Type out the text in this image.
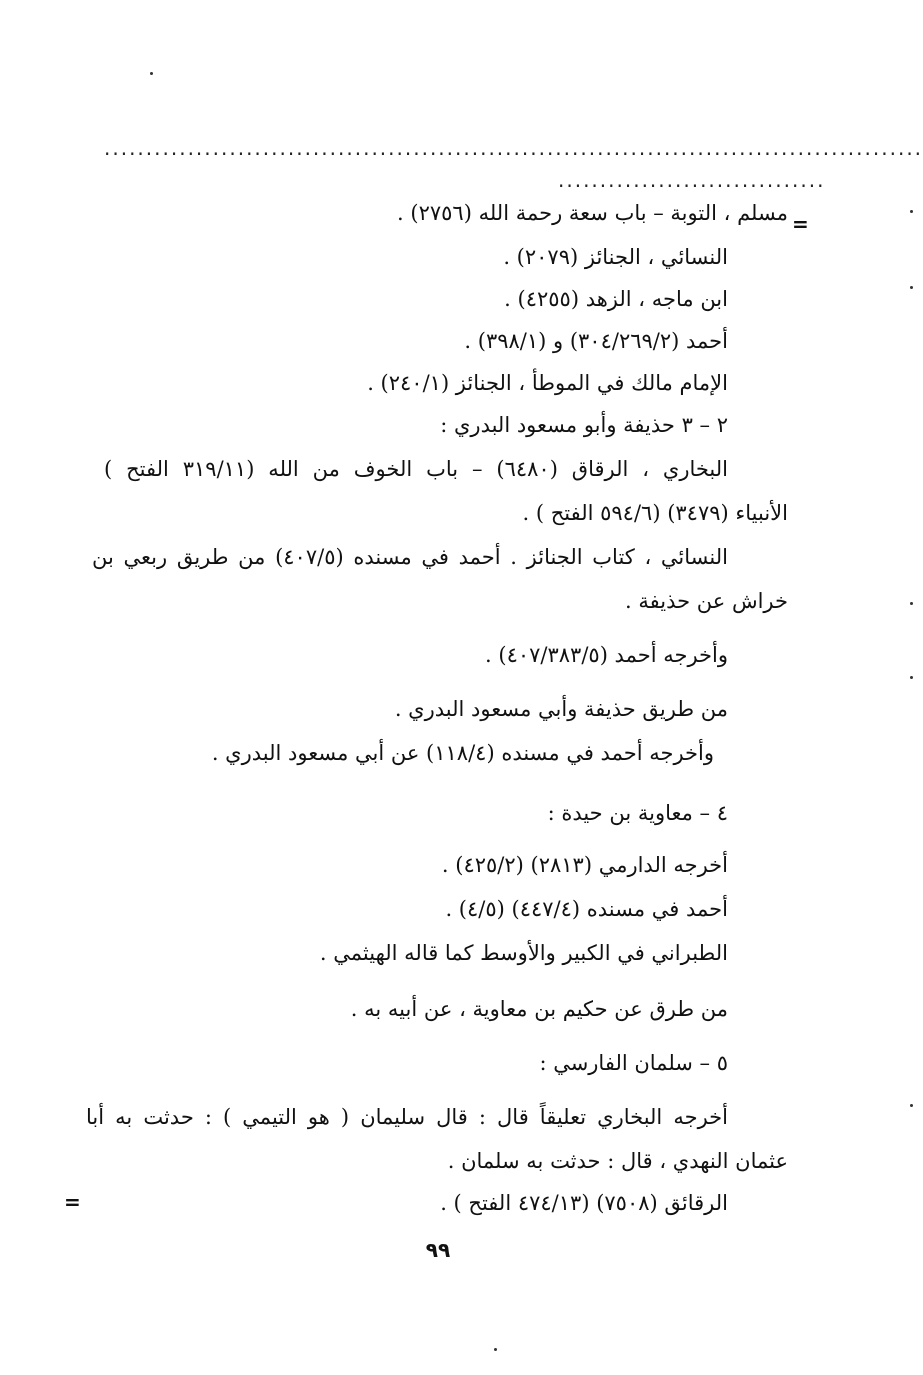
..................................................................................................
................................
=
=
مسلم ، التوبة – باب سعة رحمة الله (٢٧٥٦) .
النسائي ، الجنائز (٢٠٧٩) .
ابن ماجه ، الزهد (٤٢٥٥) .
أحمد (٣٠٤/٢٦٩/٢) و (٣٩٨/١) .
الإمام مالك في الموطأ ، الجنائز (٢٤٠/١) .
٢ – ٣ حذيفة وأبو مسعود البدري :
البخاري ، الرقاق (٦٤٨٠) – باب الخوف من الله (٣١٩/١١ الفتح )
الأنبياء (٣٤٧٩) (٥٩٤/٦ الفتح ) .
النسائي ، كتاب الجنائز . أحمد في مسنده (٤٠٧/٥) من طريق ربعي بن
خراش عن حذيفة .
وأخرجه أحمد (٤٠٧/٣٨٣/٥) .
من طريق حذيفة وأبي مسعود البدري .
وأخرجه أحمد في مسنده (١١٨/٤) عن أبي مسعود البدري .
٤ – معاوية بن حيدة :
أخرجه الدارمي (٢٨١٣) (٤٢٥/٢) .
أحمد في مسنده (٤٤٧/٤) (٤/٥) .
الطبراني في الكبير والأوسط كما قاله الهيثمي .
من طرق عن حكيم بن معاوية ، عن أبيه به .
٥ – سلمان الفارسي :
أخرجه البخاري تعليقاً قال : قال سليمان ( هو التيمي ) : حدثت به أبا
عثمان النهدي ، قال : حدثت به سلمان .
الرقائق (٧٥٠٨) (٤٧٤/١٣ الفتح ) .
٩٩
